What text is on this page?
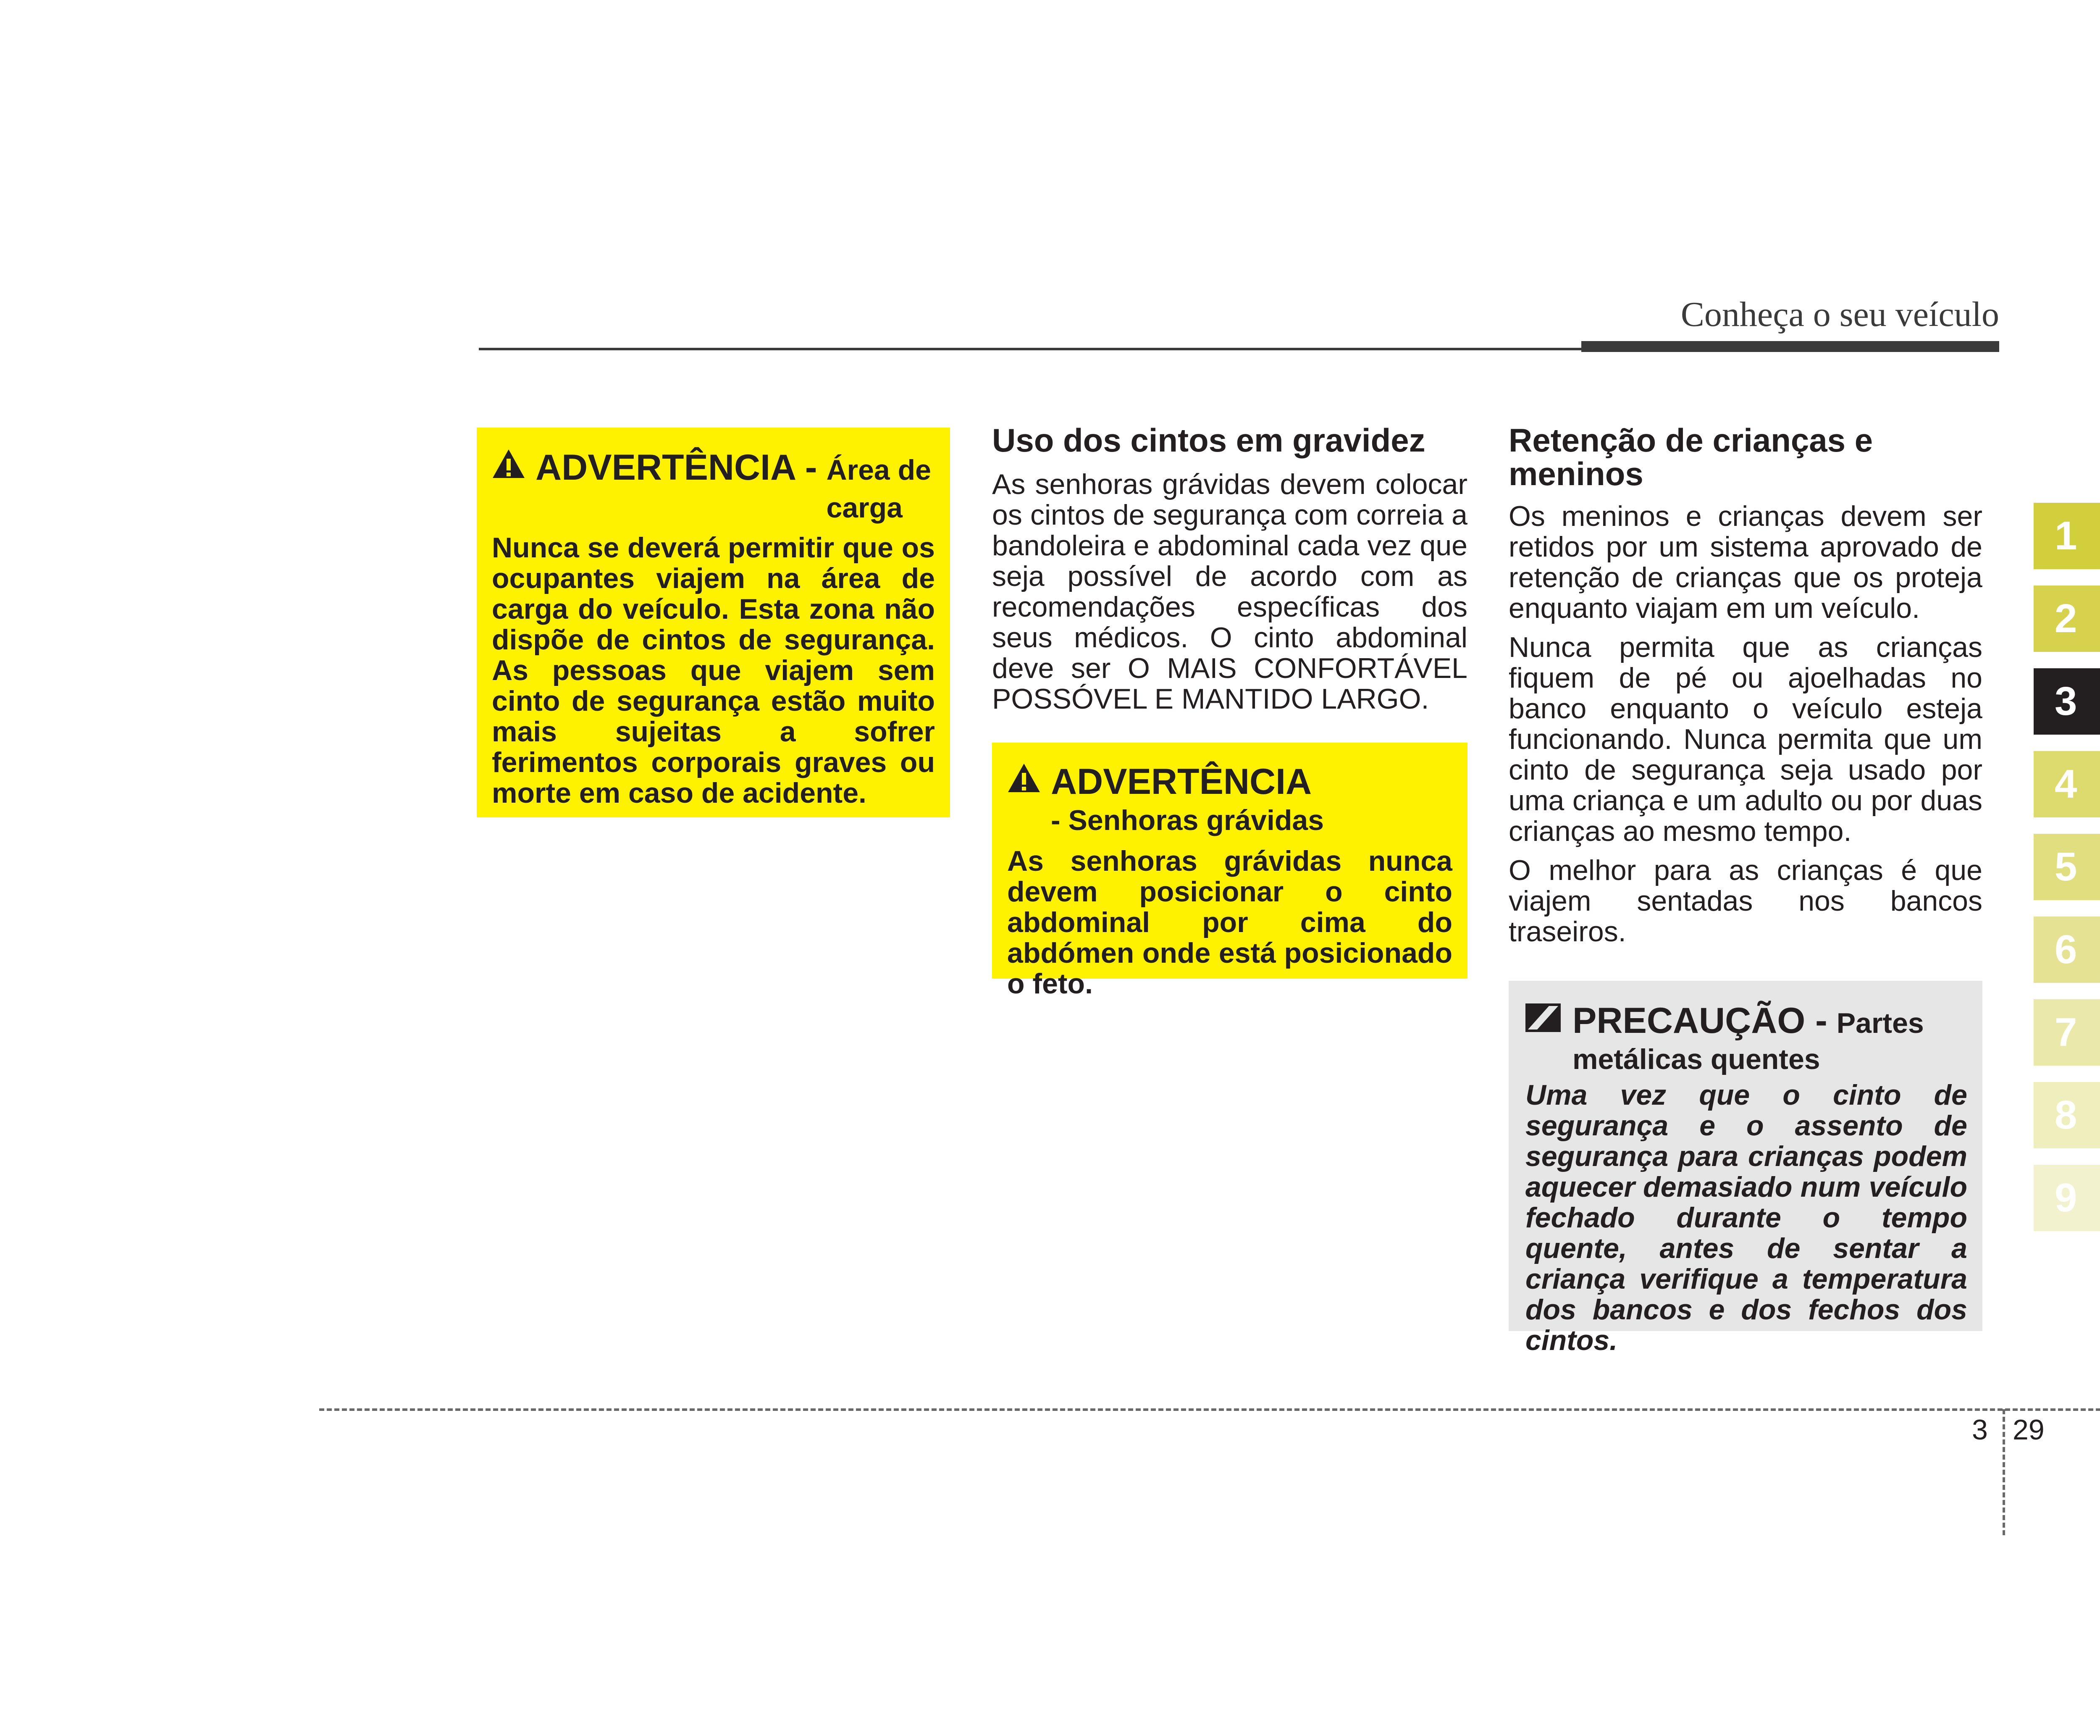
Conheça o seu veículo
ADVERTÊNCIA - Área de
carga
Nunca se deverá permitir que os ocupantes viajem na área de carga do veículo. Esta zona não dispõe de cintos de segurança. As pessoas que viajem sem cinto de segurança estão muito mais sujeitas a sofrer ferimentos corporais graves ou morte em caso de acidente.
Uso dos cintos em gravidez

As senhoras grávidas devem colocar os cintos de segurança com correia a bandoleira e abdominal cada vez que seja possível de acordo com as recomendações específicas dos seus médicos. O cinto abdominal deve ser O MAIS CONFORTÁVEL POSSÓVEL E MANTIDO LARGO.

ADVERTÊNCIA
- Senhoras grávidas
As senhoras grávidas nunca devem posicionar o cinto abdominal por cima do abdómen onde está posicionado o feto.
Retenção de crianças e
meninos

Os meninos e crianças devem ser retidos por um sistema aprovado de retenção de crianças que os proteja enquanto viajam em um veículo.

Nunca permita que as crianças fiquem de pé ou ajoelhadas no banco enquanto o veículo esteja funcionando. Nunca permita que um cinto de segurança seja usado por uma criança e um adulto ou por duas crianças ao mesmo tempo.

O melhor para as crianças é que viajem sentadas nos bancos traseiros.

PRECAUÇÃO - Partes
metálicas quentes
Uma vez que o cinto de segurança e o assento de segurança para crianças podem aquecer demasiado num veículo fechado durante o tempo quente, antes de sentar a criança verifique a temperatura dos bancos e dos fechos dos cintos.
1
2
3
4
5
6
7
8
9
3 29
